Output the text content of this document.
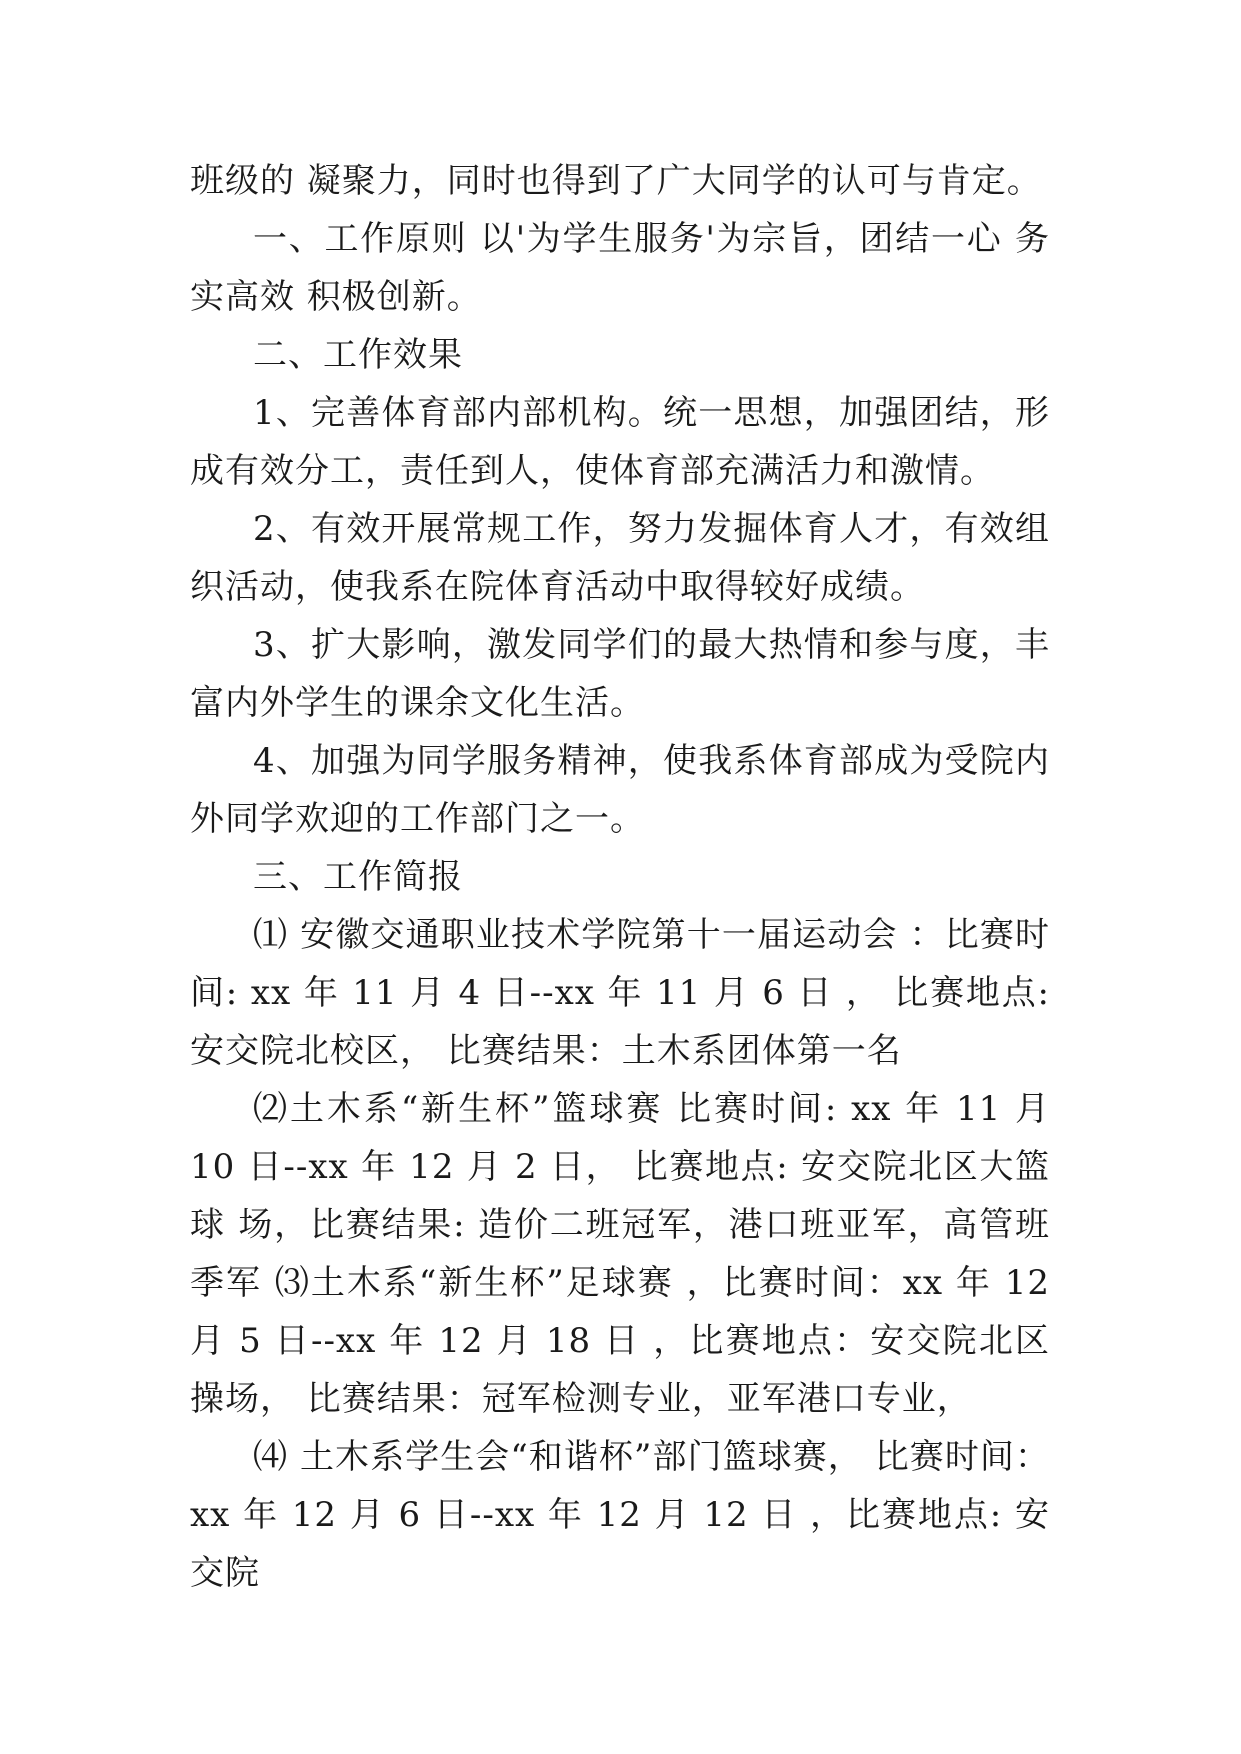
班级的 凝聚力，同时也得到了广大同学的认可与肯定。

一、工作原则 以'为学生服务'为宗旨，团结一心 务实高效 积极创新。

二、工作效果

1、完善体育部内部机构。统一思想，加强团结，形成有效分工，责任到人，使体育部充满活力和激情。

2、有效开展常规工作，努力发掘体育人才，有效组织活动，使我系在院体育活动中取得较好成绩。

3、扩大影响，激发同学们的最大热情和参与度，丰富内外学生的课余文化生活。

4、加强为同学服务精神，使我系体育部成为受院内外同学欢迎的工作部门之一。

三、工作简报

⑴ 安徽交通职业技术学院第十一届运动会 ：比赛时间: xx 年 11 月 4 日--xx 年 11 月 6 日 ， 比赛地点: 安交院北校区， 比赛结果：土木系团体第一名

⑵土木系“新生杯”篮球赛 比赛时间: xx 年 11 月 10 日--xx 年 12 月 2 日， 比赛地点: 安交院北区大篮球 场，比赛结果: 造价二班冠军，港口班亚军，高管班季军 ⑶土木系“新生杯”足球赛 ，比赛时间：xx 年 12 月 5 日--xx 年 12 月 18 日 ，比赛地点：安交院北区操场， 比赛结果：冠军检测专业，亚军港口专业，

⑷ 土木系学生会“和谐杯”部门篮球赛， 比赛时间：xx 年 12 月 6 日--xx 年 12 月 12 日 ，比赛地点: 安交院
